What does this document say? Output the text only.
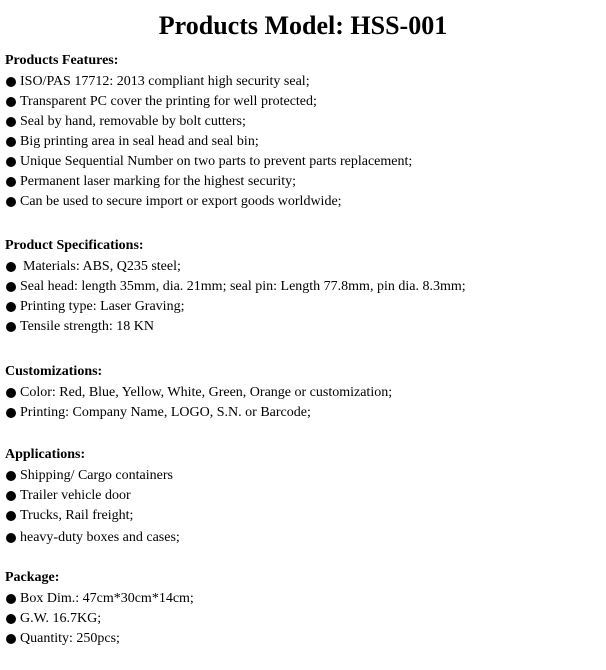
Products Model: HSS-001
Products Features:
ISO/PAS 17712: 2013 compliant high security seal;
Transparent PC cover the printing for well protected;
Seal by hand, removable by bolt cutters;
Big printing area in seal head and seal bin;
Unique Sequential Number on two parts to prevent parts replacement;
Permanent laser marking for the highest security;
Can be used to secure import or export goods worldwide;
Product Specifications:
Materials: ABS, Q235 steel;
Seal head: length 35mm, dia. 21mm; seal pin: Length 77.8mm, pin dia. 8.3mm;
Printing type: Laser Graving;
Tensile strength: 18 KN
Customizations:
Color: Red, Blue, Yellow, White, Green, Orange or customization;
Printing: Company Name, LOGO, S.N. or Barcode;
Applications:
Shipping/ Cargo containers
Trailer vehicle door
Trucks, Rail freight;
heavy-duty boxes and cases;
Package:
Box Dim.: 47cm*30cm*14cm;
G.W. 16.7KG;
Quantity: 250pcs;
